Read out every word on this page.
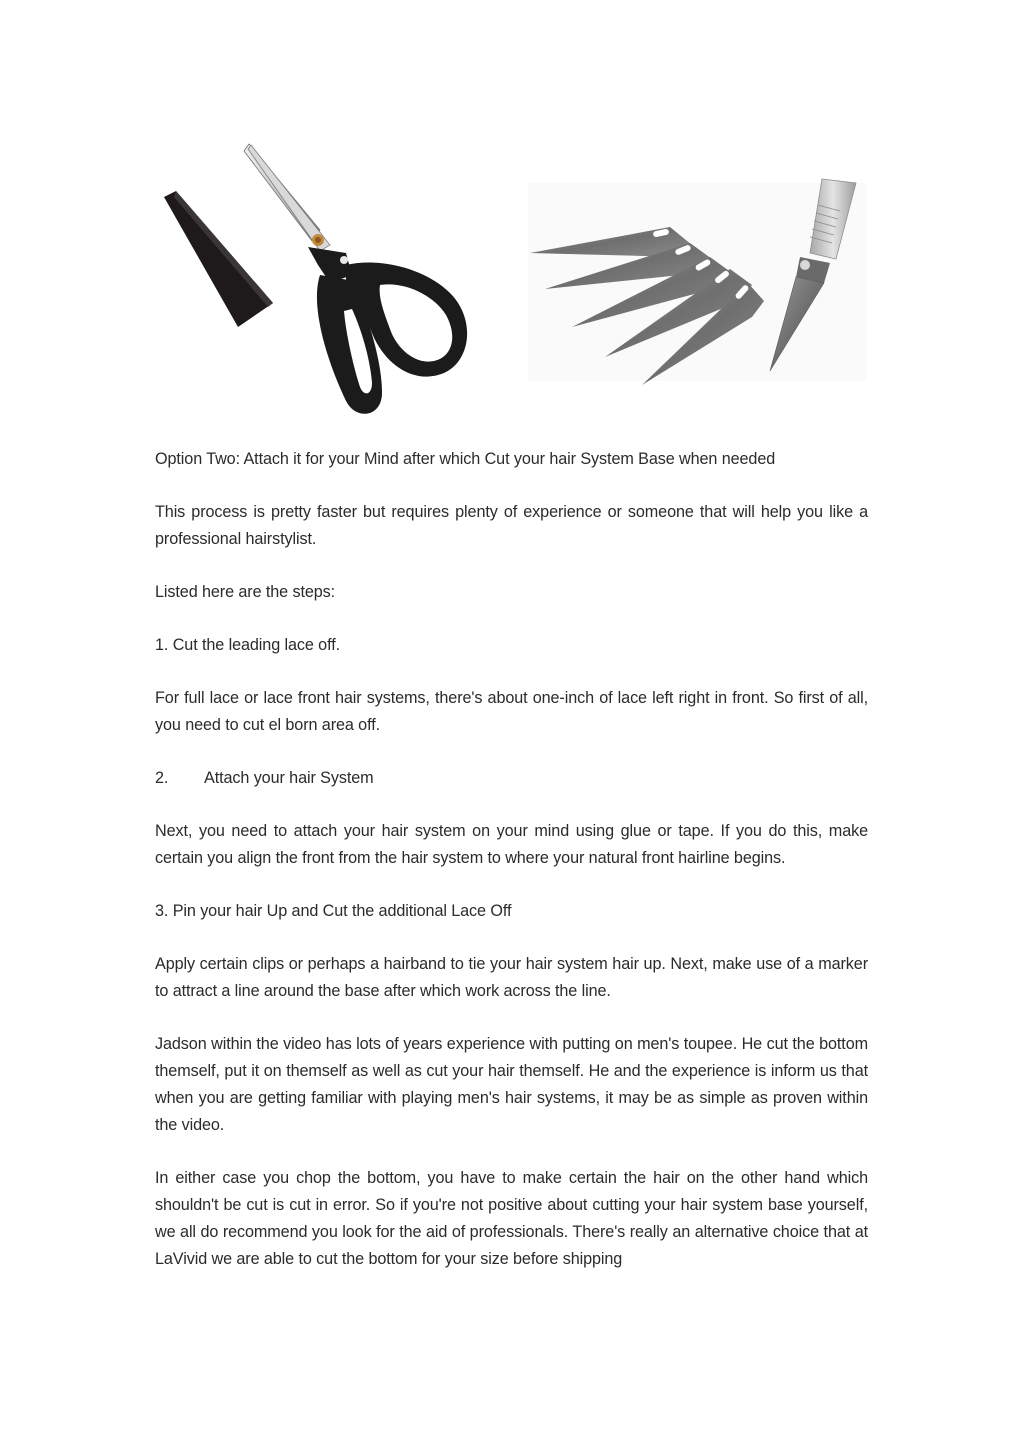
Option Two: Attach it for your Mind after which Cut your hair System Base when needed

This process is pretty faster but requires plenty of experience or someone that will help you like a professional hairstylist.

Listed here are the steps:

1. Cut the leading lace off.

For full lace or lace front hair systems, there's about one-inch of lace left right in front. So first of all, you need to cut el born area off.

2.	Attach your hair System

Next, you need to attach your hair system on your mind using glue or tape. If you do this, make certain you align the front from the hair system to where your natural front hairline begins.

3. Pin your hair Up and Cut the additional Lace Off

Apply certain clips or perhaps a hairband to tie your hair system hair up. Next, make use of a marker to attract a line around the base after which work across the line.

Jadson within the video has lots of years experience with putting on men's toupee. He cut the bottom themself, put it on themself as well as cut your hair themself. He and the experience is inform us that when you are getting familiar with playing men's hair systems, it may be as simple as proven within the video.

In either case you chop the bottom, you have to make certain the hair on the other hand which shouldn't be cut is cut in error. So if you're not positive about cutting your hair system base yourself, we all do recommend you look for the aid of professionals. There's really an alternative choice that at LaVivid we are able to cut the bottom for your size before shipping
